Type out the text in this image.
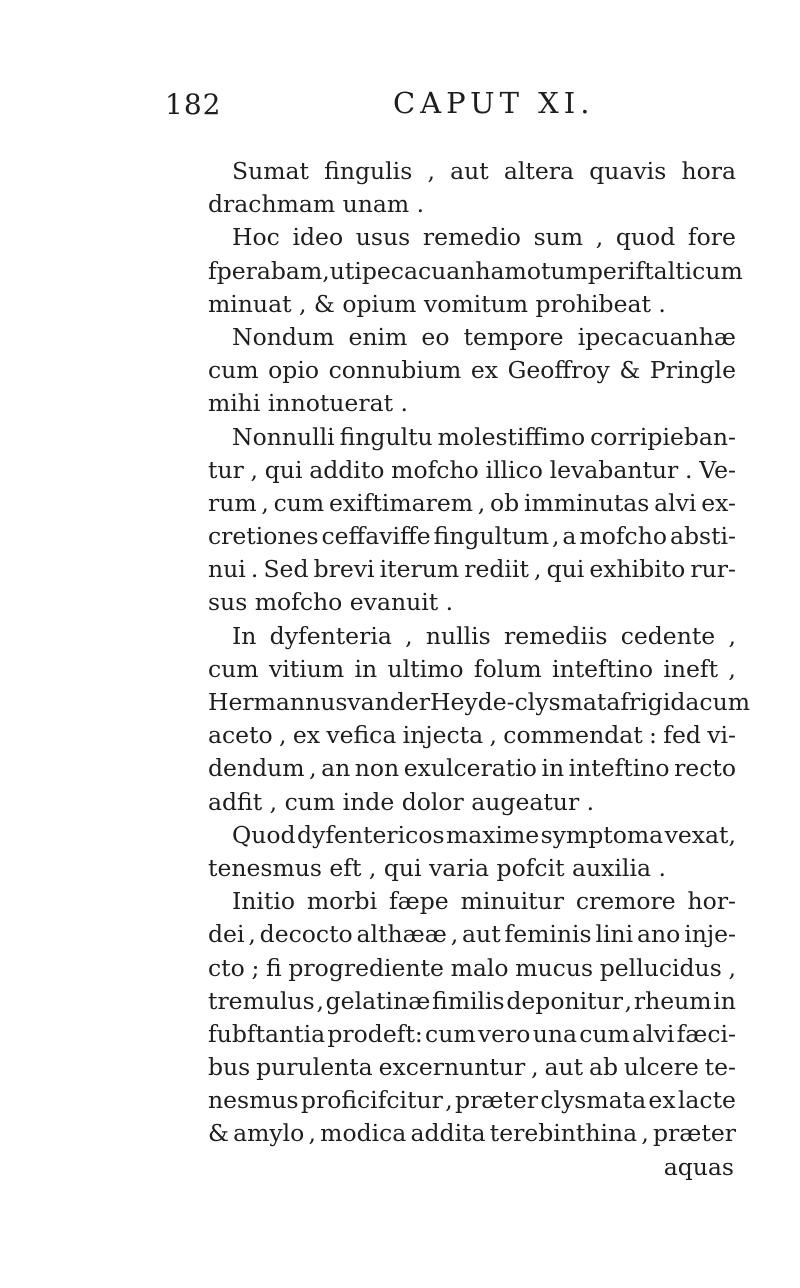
182	CAPUT XI.
Sumat fingulis , aut altera quavis hora
drachmam unam .
Hoc ideo usus remedio sum , quod fore
fperabam , ut ipecacuanha motum periftalticum
minuat , & opium vomitum prohibeat .
Nondum enim eo tempore ipecacuanhæ
cum opio connubium ex Geoffroy & Pringle
mihi innotuerat .
Nonnulli fingultu molestiffimo corripieban-
tur , qui addito mofcho illico levabantur . Ve-
rum , cum exiftimarem , ob imminutas alvi ex-
cretiones ceffaviffe fingultum , a mofcho absti-
nui . Sed brevi iterum rediit , qui exhibito rur-
sus mofcho evanuit .
In dyfenteria , nullis remediis cedente ,
cum vitium in ultimo folum inteftino ineft ,
Hermannus van der Heyde-clysmata frigida cum
aceto , ex vefica injecta , commendat : fed vi-
dendum , an non exulceratio in inteftino recto
adfit , cum inde dolor augeatur .
Quod dyfentericos maxime symptoma vexat,
tenesmus eft , qui varia pofcit auxilia .
Initio morbi fæpe minuitur cremore hor-
dei , decocto althææ , aut feminis lini ano inje-
cto ; fi progrediente malo mucus pellucidus ,
tremulus , gelatinæ fimilis deponitur , rheum in
fubftantia prodeft: cum vero una cum alvi fæci-
bus purulenta excernuntur , aut ab ulcere te-
nesmus proficifcitur , præter clysmata ex lacte
& amylo , modica addita terebinthina , præter
aquas
